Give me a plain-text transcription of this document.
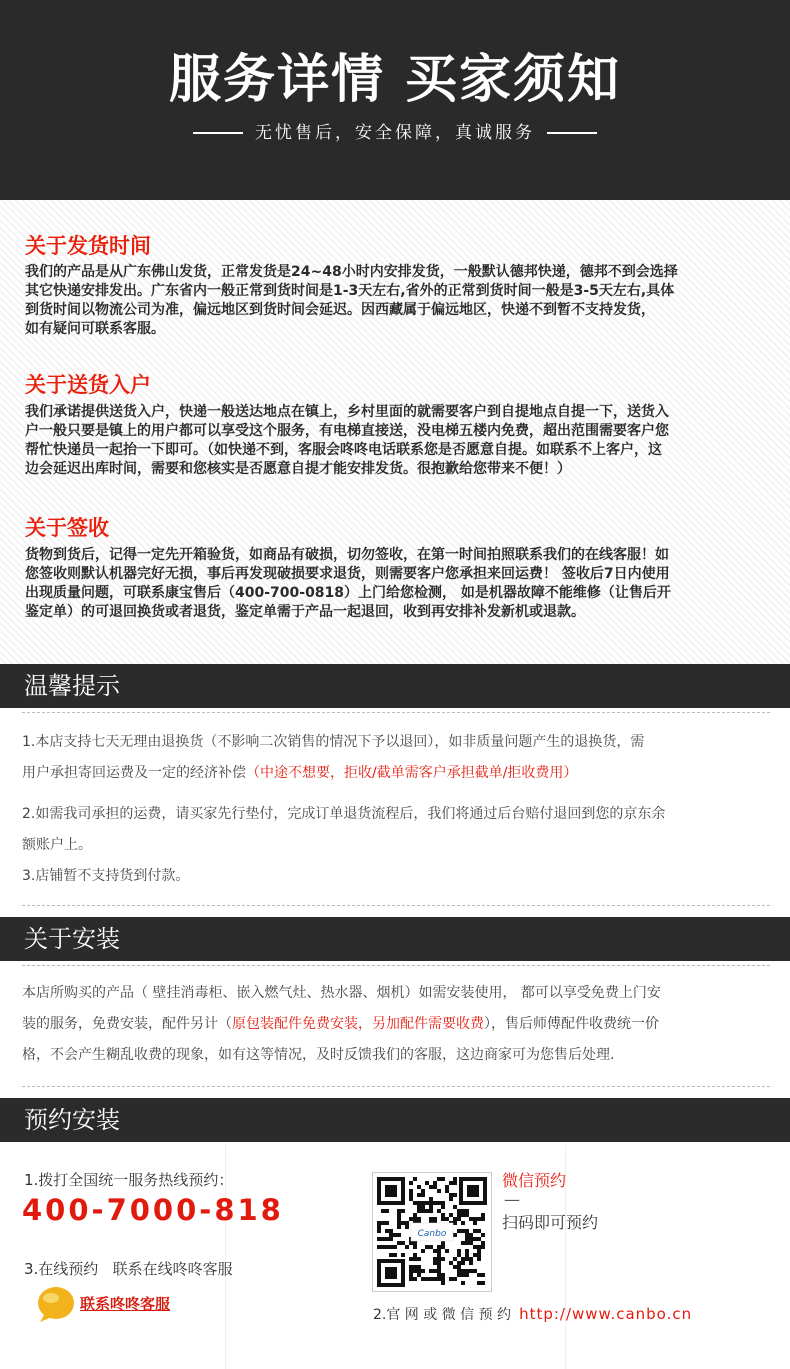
服务详情 买家须知
无忧售后，安全保障，真诚服务
关于发货时间
我们的产品是从广东佛山发货，正常发货是24~48小时内安排发货，一般默认德邦快递，德邦不到会选择
其它快递安排发出。广东省内一般正常到货时间是1-3天左右,省外的正常到货时间一般是3-5天左右,具体
到货时间以物流公司为准，偏远地区到货时间会延迟。因西藏属于偏远地区，快递不到暂不支持发货，
如有疑问可联系客服。
关于送货入户
我们承诺提供送货入户，快递一般送达地点在镇上，乡村里面的就需要客户到自提地点自提一下，送货入
户一般只要是镇上的用户都可以享受这个服务，有电梯直接送，没电梯五楼内免费，超出范围需要客户您
帮忙快递员一起抬一下即可。（如快递不到，客服会咚咚电话联系您是否愿意自提。如联系不上客户，这
边会延迟出库时间，需要和您核实是否愿意自提才能安排发货。很抱歉给您带来不便！）
关于签收
货物到货后，记得一定先开箱验货，如商品有破损，切勿签收，在第一时间拍照联系我们的在线客服！如
您签收则默认机器完好无损，事后再发现破损要求退货，则需要客户您承担来回运费！ 签收后7日内使用
出现质量问题，可联系康宝售后（400-700-0818）上门给您检测， 如是机器故障不能维修（让售后开
鉴定单）的可退回换货或者退货，鉴定单需于产品一起退回，收到再安排补发新机或退款。
温馨提示
1.本店支持七天无理由退换货（不影响二次销售的情况下予以退回），如非质量问题产生的退换货，需
用户承担寄回运费及一定的经济补偿（中途不想要，拒收/截单需客户承担截单/拒收费用）
2.如需我司承担的运费，请买家先行垫付，完成订单退货流程后，我们将通过后台赔付退回到您的京东余
额账户上。
3.店铺暂不支持货到付款。
关于安装
本店所购买的产品（ 壁挂消毒柜、嵌入燃气灶、热水器、烟机）如需安装使用， 都可以享受免费上门安
装的服务，免费安装，配件另计（原包装配件免费安装，另加配件需要收费），售后师傅配件收费统一价
格，不会产生糊乱收费的现象，如有这等情况，及时反馈我们的客服，这边商家可为您售后处理.
预约安装
1.拨打全国统一服务热线预约：
400-7000-818
3.在线预约   联系在线咚咚客服
联系咚咚客服
Canbo
微信预约
—
扫码即可预约
2.官 网 或 微 信 预 约 http://www.canbo.cn
